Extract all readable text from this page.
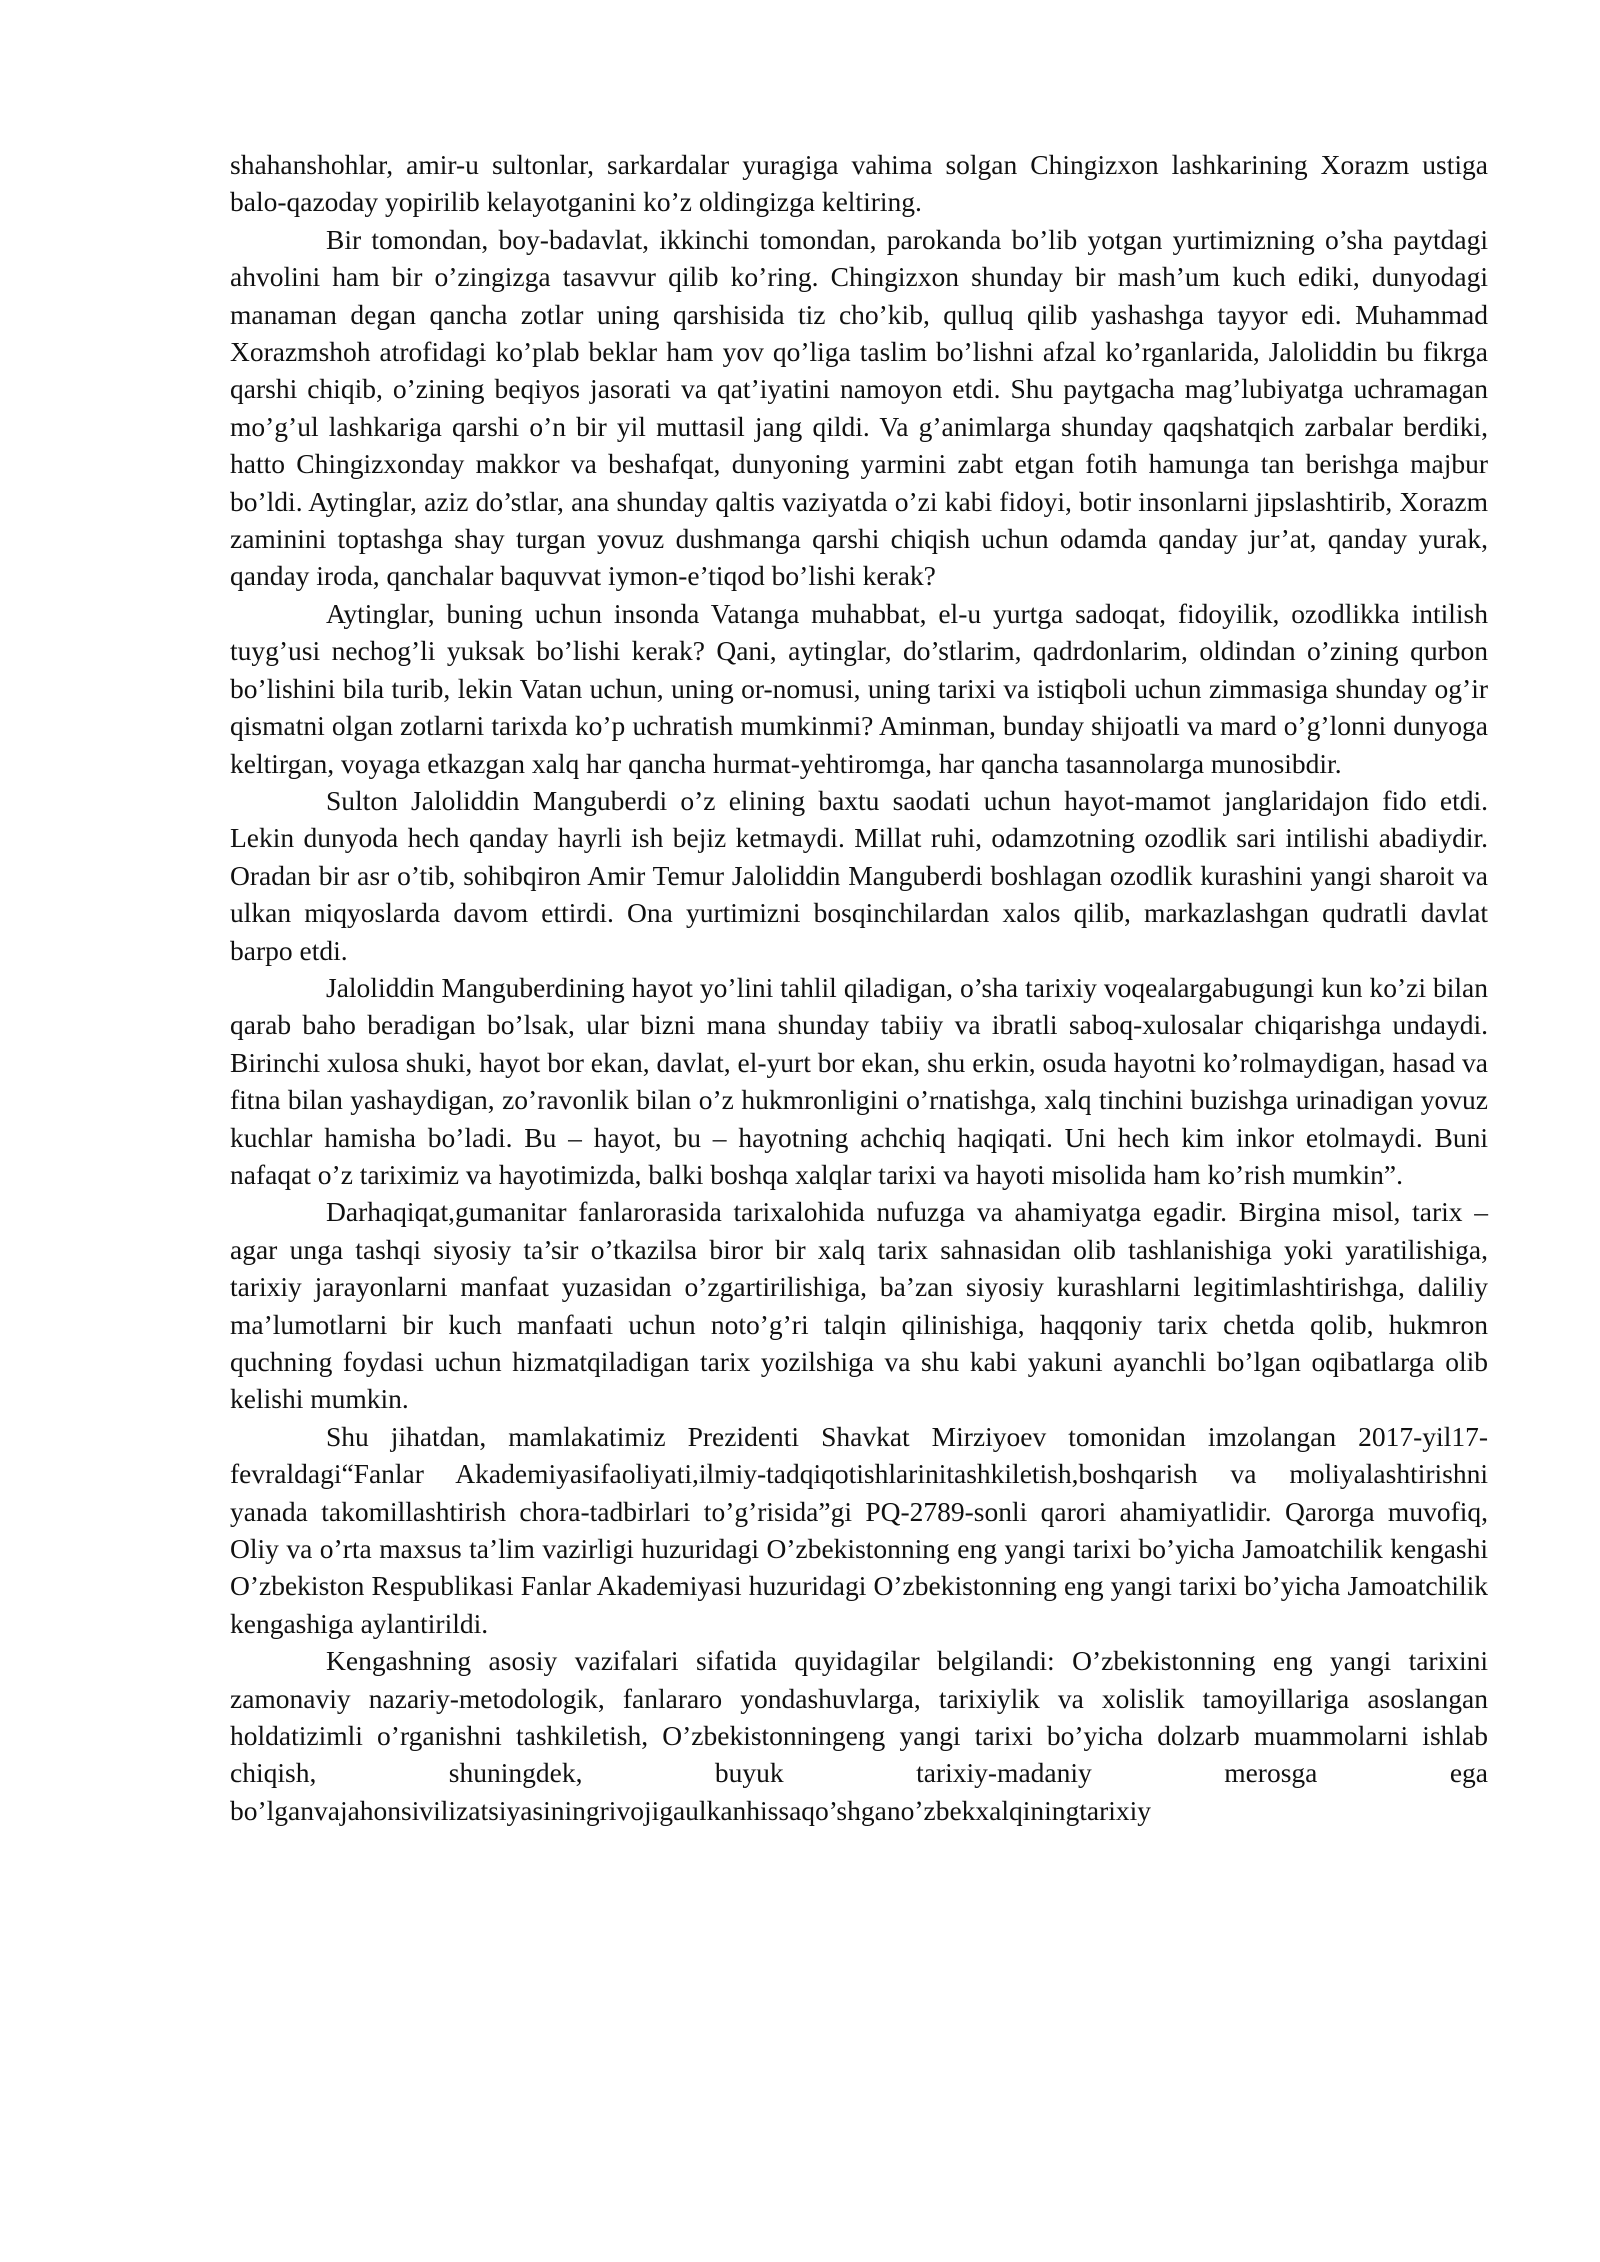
shahanshohlar, amir-u sultonlar, sarkardalar yuragiga vahima solgan Chingizxon lashkarining Xorazm ustiga balo-qazoday yopirilib kelayotganini ko’z oldingizga keltiring.

Bir tomondan, boy-badavlat, ikkinchi tomondan, parokanda bo’lib yotgan yurtimizning o’sha paytdagi ahvolini ham bir o’zingizga tasavvur qilib ko’ring. Chingizxon shunday bir mash’um kuch ediki, dunyodagi manaman degan qancha zotlar uning qarshisida tiz cho’kib, qulluq qilib yashashga tayyor edi. Muhammad Xorazmshoh atrofidagi ko’plab beklar ham yov qo’liga taslim bo’lishni afzal ko’rganlarida, Jaloliddin bu fikrga qarshi chiqib, o’zining beqiyos jasorati va qat’iyatini namoyon etdi. Shu paytgacha mag’lubiyatga uchramagan mo’g’ul lashkariga qarshi o’n bir yil muttasil jang qildi. Va g’animlarga shunday qaqshatqich zarbalar berdiki, hatto Chingizxonday makkor va beshafqat, dunyoning yarmini zabt etgan fotih hamunga tan berishga majbur bo’ldi. Aytinglar, aziz do’stlar, ana shunday qaltis vaziyatda o’zi kabi fidoyi, botir insonlarni jipslashtirib, Xorazm zaminini toptashga shay turgan yovuz dushmanga qarshi chiqish uchun odamda qanday jur’at, qanday yurak, qanday iroda, qanchalar baquvvat iymon-e’tiqod bo’lishi kerak?

Aytinglar, buning uchun insonda Vatanga muhabbat, el-u yurtga sadoqat, fidoyilik, ozodlikka intilish tuyg’usi nechog’li yuksak bo’lishi kerak? Qani, aytinglar, do’stlarim, qadrdonlarim, oldindan o’zining qurbon bo’lishini bila turib, lekin Vatan uchun, uning or-nomusi, uning tarixi va istiqboli uchun zimmasiga shunday og’ir qismatni olgan zotlarni tarixda ko’p uchratish mumkinmi? Aminman, bunday shijoatli va mard o’g’lonni dunyoga keltirgan, voyaga etkazgan xalq har qancha hurmat-yehtiromga, har qancha tasannolarga munosibdir.

Sulton Jaloliddin Manguberdi o’z elining baxtu saodati uchun hayot-mamot janglaridajon fido etdi. Lekin dunyoda hech qanday hayrli ish bejiz ketmaydi. Millat ruhi, odamzotning ozodlik sari intilishi abadiydir. Oradan bir asr o’tib, sohibqiron Amir Temur Jaloliddin Manguberdi boshlagan ozodlik kurashini yangi sharoit va ulkan miqyoslarda davom ettirdi. Ona yurtimizni bosqinchilardan xalos qilib, markazlashgan qudratli davlat barpo etdi.

Jaloliddin Manguberdining hayot yo’lini tahlil qiladigan, o’sha tarixiy voqealargabugungi kun ko’zi bilan qarab baho beradigan bo’lsak, ular bizni mana shunday tabiiy va ibratli saboq-xulosalar chiqarishga undaydi. Birinchi xulosa shuki, hayot bor ekan, davlat, el-yurt bor ekan, shu erkin, osuda hayotni ko’rolmaydigan, hasad va fitna bilan yashaydigan, zo’ravonlik bilan o’z hukmronligini o’rnatishga, xalq tinchini buzishga urinadigan yovuz kuchlar hamisha bo’ladi. Bu – hayot, bu – hayotning achchiq haqiqati. Uni hech kim inkor etolmaydi. Buni nafaqat o’z tariximiz va hayotimizda, balki boshqa xalqlar tarixi va hayoti misolida ham ko’rish mumkin”.

Darhaqiqat,gumanitar fanlarorasida tarixalohida nufuzga va ahamiyatga egadir. Birgina misol, tarix – agar unga tashqi siyosiy ta’sir o’tkazilsa biror bir xalq tarix sahnasidan olib tashlanishiga yoki yaratilishiga, tarixiy jarayonlarni manfaat yuzasidan o’zgartirilishiga, ba’zan siyosiy kurashlarni legitimlashtirishga, daliliy ma’lumotlarni bir kuch manfaati uchun noto’g’ri talqin qilinishiga, haqqoniy tarix chetda qolib, hukmron quchning foydasi uchun hizmatqiladigan tarix yozilshiga va shu kabi yakuni ayanchli bo’lgan oqibatlarga olib kelishi mumkin.

Shu jihatdan, mamlakatimiz Prezidenti Shavkat Mirziyoev tomonidan imzolangan 2017-yil17-fevraldagi“Fanlar Akademiyasifaoliyati,ilmiy-tadqiqotishlarinitashkiletish,boshqarish va moliyalashtirishni yanada takomillashtirish chora-tadbirlari to’g’risida”gi PQ-2789-sonli qarori ahamiyatlidir. Qarorga muvofiq, Oliy va o’rta maxsus ta’lim vazirligi huzuridagi O’zbekistonning eng yangi tarixi bo’yicha Jamoatchilik kengashi O’zbekiston Respublikasi Fanlar Akademiyasi huzuridagi O’zbekistonning eng yangi tarixi bo’yicha Jamoatchilik kengashiga aylantirildi.

Kengashning asosiy vazifalari sifatida quyidagilar belgilandi: O’zbekistonning eng yangi tarixini zamonaviy nazariy-metodologik, fanlararo yondashuvlarga, tarixiylik va xolislik tamoyillariga asoslangan holdatizimli o’rganishni tashkiletish, O’zbekistonningeng yangi tarixi bo’yicha dolzarb muammolarni ishlab chiqish, shuningdek, buyuk tarixiy-madaniy merosga ega bo’lganvajahonsivilizatsiyasiningrivojigaulkanhissaqo’shganoʼzbekxalqiningtarixiy
